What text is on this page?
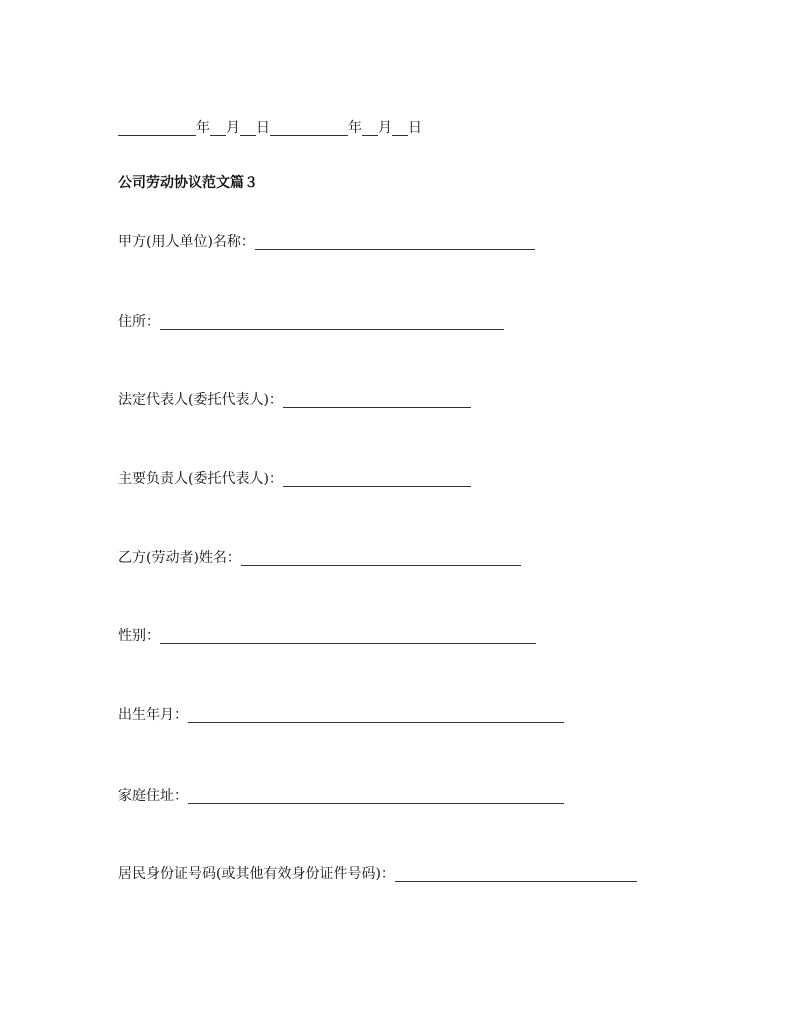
年 月 日	年 月 日
公司劳动协议范文篇３
甲方(用人单位)名称：
住所：
法定代表人(委托代表人)：
主要负责人(委托代表人)：
乙方(劳动者)姓名：
性别：
出生年月：
家庭住址：
居民身份证号码(或其他有效身份证件号码)：
